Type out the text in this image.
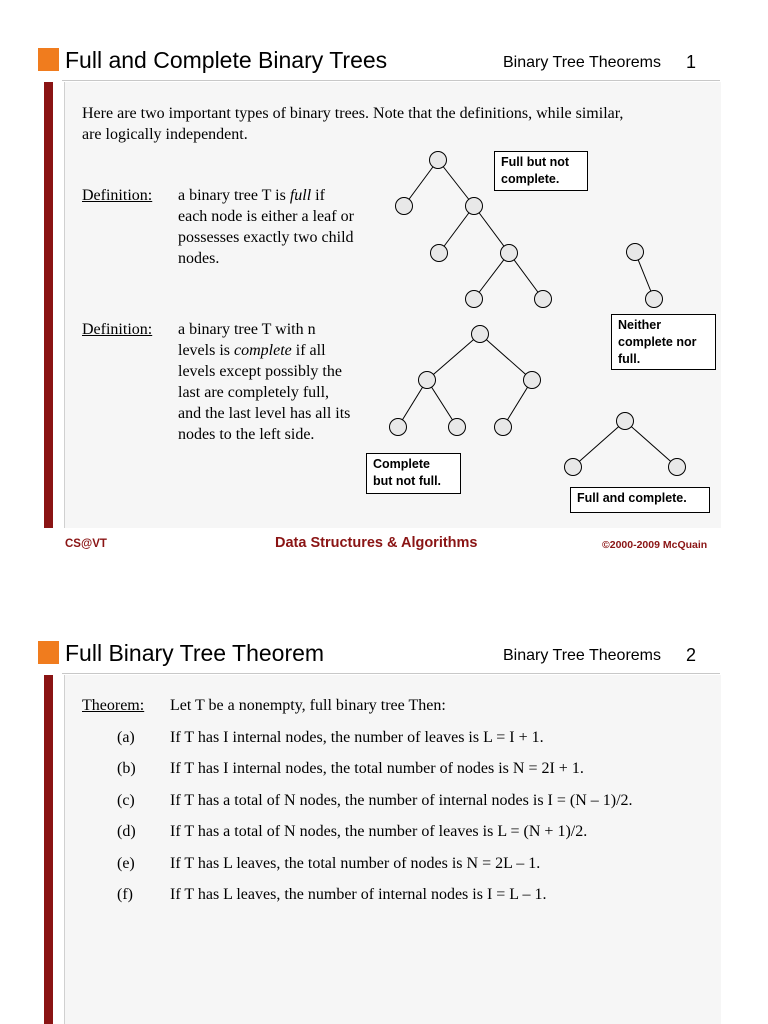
Full and Complete Binary Trees	Binary Tree Theorems 1
Here are two important types of binary trees. Note that the definitions, while similar,
are logically independent.
Definition: a binary tree T is full if
each node is either a leaf or
possesses exactly two child
nodes.
Definition: a binary tree T with n
levels is complete if all
levels except possibly the
last are completely full,
and the last level has all its
nodes to the left side.
Full but not
complete.
Neither
complete nor
full.
Complete
but not full.
Full and complete.
CS@VT	Data Structures & Algorithms	©2000-2009 McQuain
Full Binary Tree Theorem	Binary Tree Theorems 2
Theorem: Let T be a nonempty, full binary tree Then:
(a) If T has I internal nodes, the number of leaves is L = I + 1.
(b) If T has I internal nodes, the total number of nodes is N = 2I + 1.
(c) If T has a total of N nodes, the number of internal nodes is I = (N – 1)/2.
(d) If T has a total of N nodes, the number of leaves is L = (N + 1)/2.
(e) If T has L leaves, the total number of nodes is N = 2L – 1.
(f) If T has L leaves, the number of internal nodes is I = L – 1.
